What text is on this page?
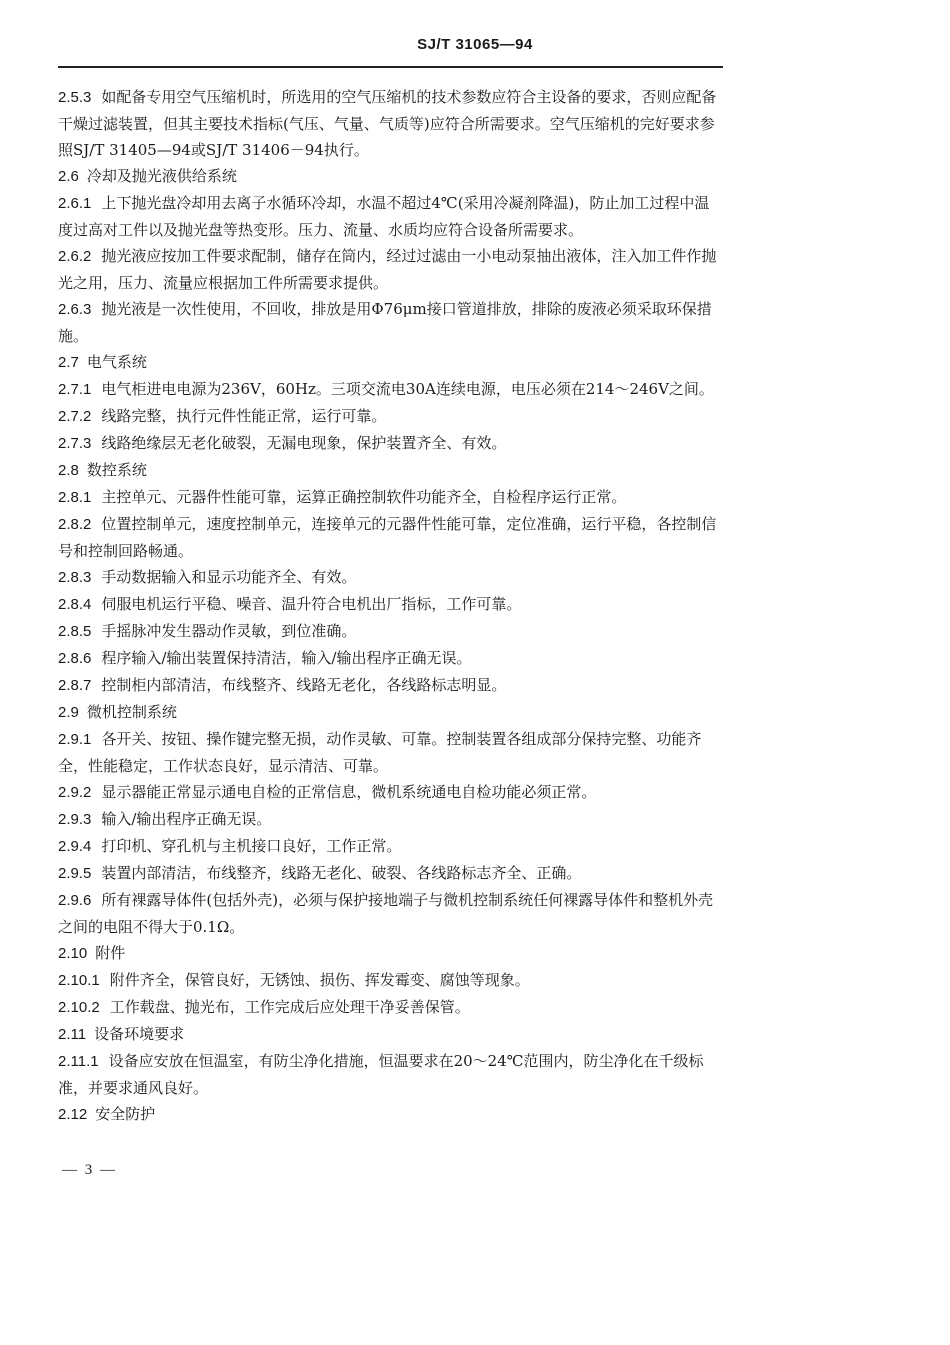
SJ/T 31065—94

2.5.3 如配备专用空气压缩机时，所选用的空气压缩机的技术参数应符合主设备的要求，否则应配备干燥过滤装置，但其主要技术指标(气压、气量、气质等)应符合所需要求。空气压缩机的完好要求参照SJ/T 31405—94或SJ/T 31406－94执行。

2.6 冷却及抛光液供给系统

2.6.1 上下抛光盘冷却用去离子水循环冷却，水温不超过4℃(采用冷凝剂降温)，防止加工过程中温度过高对工件以及抛光盘等热变形。压力、流量、水质均应符合设备所需要求。

2.6.2 抛光液应按加工件要求配制，储存在筒内，经过过滤由一小电动泵抽出液体，注入加工件作抛光之用，压力、流量应根据加工件所需要求提供。

2.6.3 抛光液是一次性使用，不回收，排放是用Φ76μm接口管道排放，排除的废液必须采取环保措施。

2.7 电气系统

2.7.1 电气柜进电电源为236V，60Hz。三项交流电30A连续电源，电压必须在214～246V之间。

2.7.2 线路完整，执行元件性能正常，运行可靠。

2.7.3 线路绝缘层无老化破裂，无漏电现象，保护装置齐全、有效。

2.8 数控系统

2.8.1 主控单元、元器件性能可靠，运算正确控制软件功能齐全，自检程序运行正常。

2.8.2 位置控制单元，速度控制单元，连接单元的元器件性能可靠，定位准确，运行平稳，各控制信号和控制回路畅通。

2.8.3 手动数据输入和显示功能齐全、有效。

2.8.4 伺服电机运行平稳、噪音、温升符合电机出厂指标，工作可靠。

2.8.5 手摇脉冲发生器动作灵敏，到位准确。

2.8.6 程序输入/输出装置保持清洁，输入/输出程序正确无误。

2.8.7 控制柜内部清洁，布线整齐、线路无老化，各线路标志明显。

2.9 微机控制系统

2.9.1 各开关、按钮、操作键完整无损，动作灵敏、可靠。控制装置各组成部分保持完整、功能齐全，性能稳定，工作状态良好，显示清洁、可靠。

2.9.2 显示器能正常显示通电自检的正常信息，微机系统通电自检功能必须正常。

2.9.3 输入/输出程序正确无误。

2.9.4 打印机、穿孔机与主机接口良好，工作正常。

2.9.5 装置内部清洁，布线整齐，线路无老化、破裂、各线路标志齐全、正确。

2.9.6 所有裸露导体件(包括外壳)，必须与保护接地端子与微机控制系统任何裸露导体件和整机外壳之间的电阻不得大于0.1Ω。

2.10 附件

2.10.1 附件齐全，保管良好，无锈蚀、损伤、挥发霉变、腐蚀等现象。

2.10.2 工作载盘、抛光布，工作完成后应处理干净妥善保管。

2.11 设备环境要求

2.11.1 设备应安放在恒温室，有防尘净化措施，恒温要求在20～24℃范围内，防尘净化在千级标准，并要求通风良好。

2.12 安全防护

— 3 —
